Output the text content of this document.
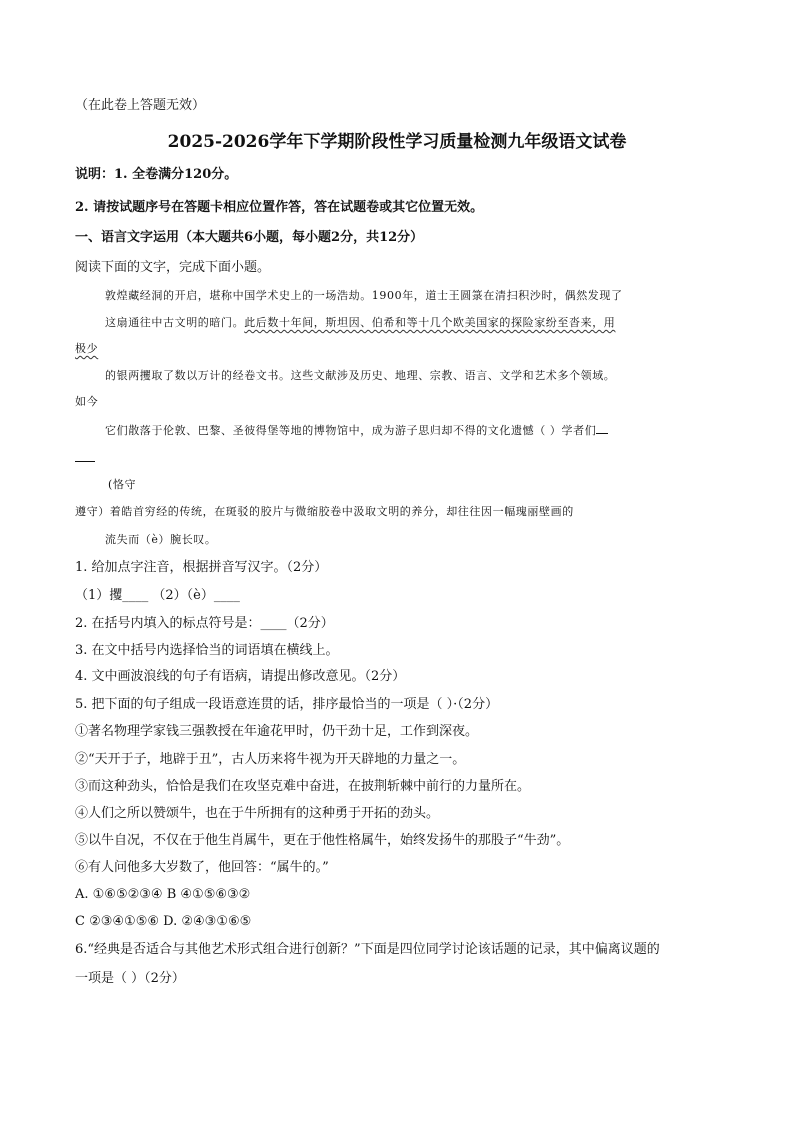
（在此卷上答题无效）
2025-2026学年下学期阶段性学习质量检测九年级语文试卷
说明：1. 全卷满分120分。
2. 请按试题序号在答题卡相应位置作答，答在试题卷或其它位置无效。
一、语言文字运用（本大题共6小题，每小题2分，共12分）
阅读下面的文字，完成下面小题。
敦煌藏经洞的开启，堪称中国学术史上的一场浩劫。1900年，道士王圆箓在清扫积沙时，偶然发现了
这扇通往中古文明的暗门。此后数十年间，斯坦因、伯希和等十几个欧美国家的探险家纷至沓来，用
极少
的银两攫取了数以万计的经卷文书。这些文献涉及历史、地理、宗教、语言、文学和艺术多个领域。
如今
它们散落于伦敦、巴黎、圣彼得堡等地的博物馆中，成为游子思归却不得的文化遗憾（ ）学者们
(恪守
遵守）着皓首穷经的传统，在斑驳的胶片与微缩胶卷中汲取文明的养分，却往往因一幅瑰丽壁画的
流失而（è）腕长叹。
1. 给加点字注音，根据拼音写汉字。（2分）
（1）攫____ （2）（è）____
2. 在括号内填入的标点符号是：____（2分）
3. 在文中括号内选择恰当的词语填在横线上。
4. 文中画波浪线的句子有语病，请提出修改意见。（2分）
5. 把下面的句子组成一段语意连贯的话，排序最恰当的一项是（ ）·（2分）
①著名物理学家钱三强教授在年逾花甲时，仍干劲十足，工作到深夜。
②“天开于子，地辟于丑”，古人历来将牛视为开天辟地的力量之一。
③而这种劲头，恰恰是我们在攻坚克难中奋进，在披荆斩棘中前行的力量所在。
④人们之所以赞颂牛，也在于牛所拥有的这种勇于开拓的劲头。
⑤以牛自况，不仅在于他生肖属牛，更在于他性格属牛，始终发扬牛的那股子“牛劲”。
⑥有人问他多大岁数了，他回答：“属牛的。”
A. ①⑥⑤②③④ B ④①⑤⑥③②
C ②③④①⑤⑥ D. ②④③①⑥⑤
6.“经典是否适合与其他艺术形式组合进行创新？”下面是四位同学讨论该话题的记录，其中偏离议题的
一项是（ ）（2分）
